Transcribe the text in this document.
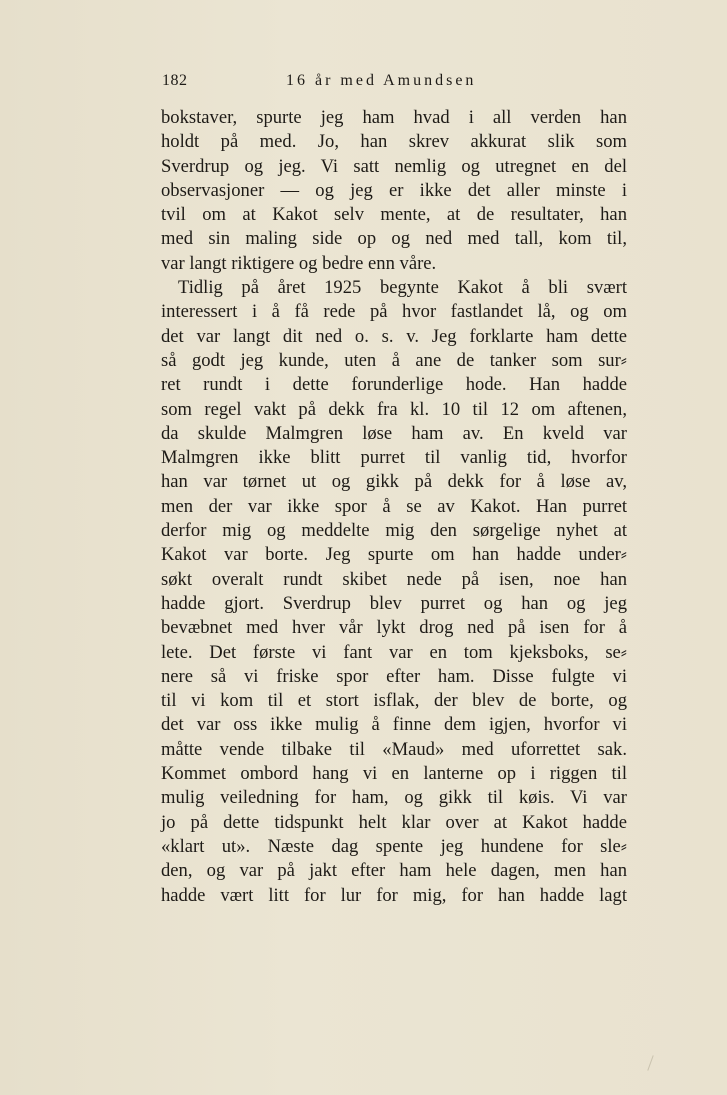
182	16 år med Amundsen
bokstaver, spurte jeg ham hvad i all verden han
holdt på med. Jo, han skrev akkurat slik som
Sverdrup og jeg. Vi satt nemlig og utregnet en del
observasjoner — og jeg er ikke det aller minste i
tvil om at Kakot selv mente, at de resultater, han
med sin maling side op og ned med tall, kom til,
var langt riktigere og bedre enn våre.
Tidlig på året 1925 begynte Kakot å bli svært
interessert i å få rede på hvor fastlandet lå, og om
det var langt dit ned o. s. v. Jeg forklarte ham dette
så godt jeg kunde, uten å ane de tanker som sur⸗
ret rundt i dette forunderlige hode. Han hadde
som regel vakt på dekk fra kl. 10 til 12 om aftenen,
da skulde Malmgren løse ham av. En kveld var
Malmgren ikke blitt purret til vanlig tid, hvorfor
han var tørnet ut og gikk på dekk for å løse av,
men der var ikke spor å se av Kakot. Han purret
derfor mig og meddelte mig den sørgelige nyhet at
Kakot var borte. Jeg spurte om han hadde under⸗
søkt overalt rundt skibet nede på isen, noe han
hadde gjort. Sverdrup blev purret og han og jeg
bevæbnet med hver vår lykt drog ned på isen for å
lete. Det første vi fant var en tom kjeksboks, se⸗
nere så vi friske spor efter ham. Disse fulgte vi
til vi kom til et stort isflak, der blev de borte, og
det var oss ikke mulig å finne dem igjen, hvorfor vi
måtte vende tilbake til «Maud» med uforrettet sak.
Kommet ombord hang vi en lanterne op i riggen til
mulig veiledning for ham, og gikk til køis. Vi var
jo på dette tidspunkt helt klar over at Kakot hadde
«klart ut». Næste dag spente jeg hundene for sle⸗
den, og var på jakt efter ham hele dagen, men han
hadde vært litt for lur for mig, for han hadde lagt
